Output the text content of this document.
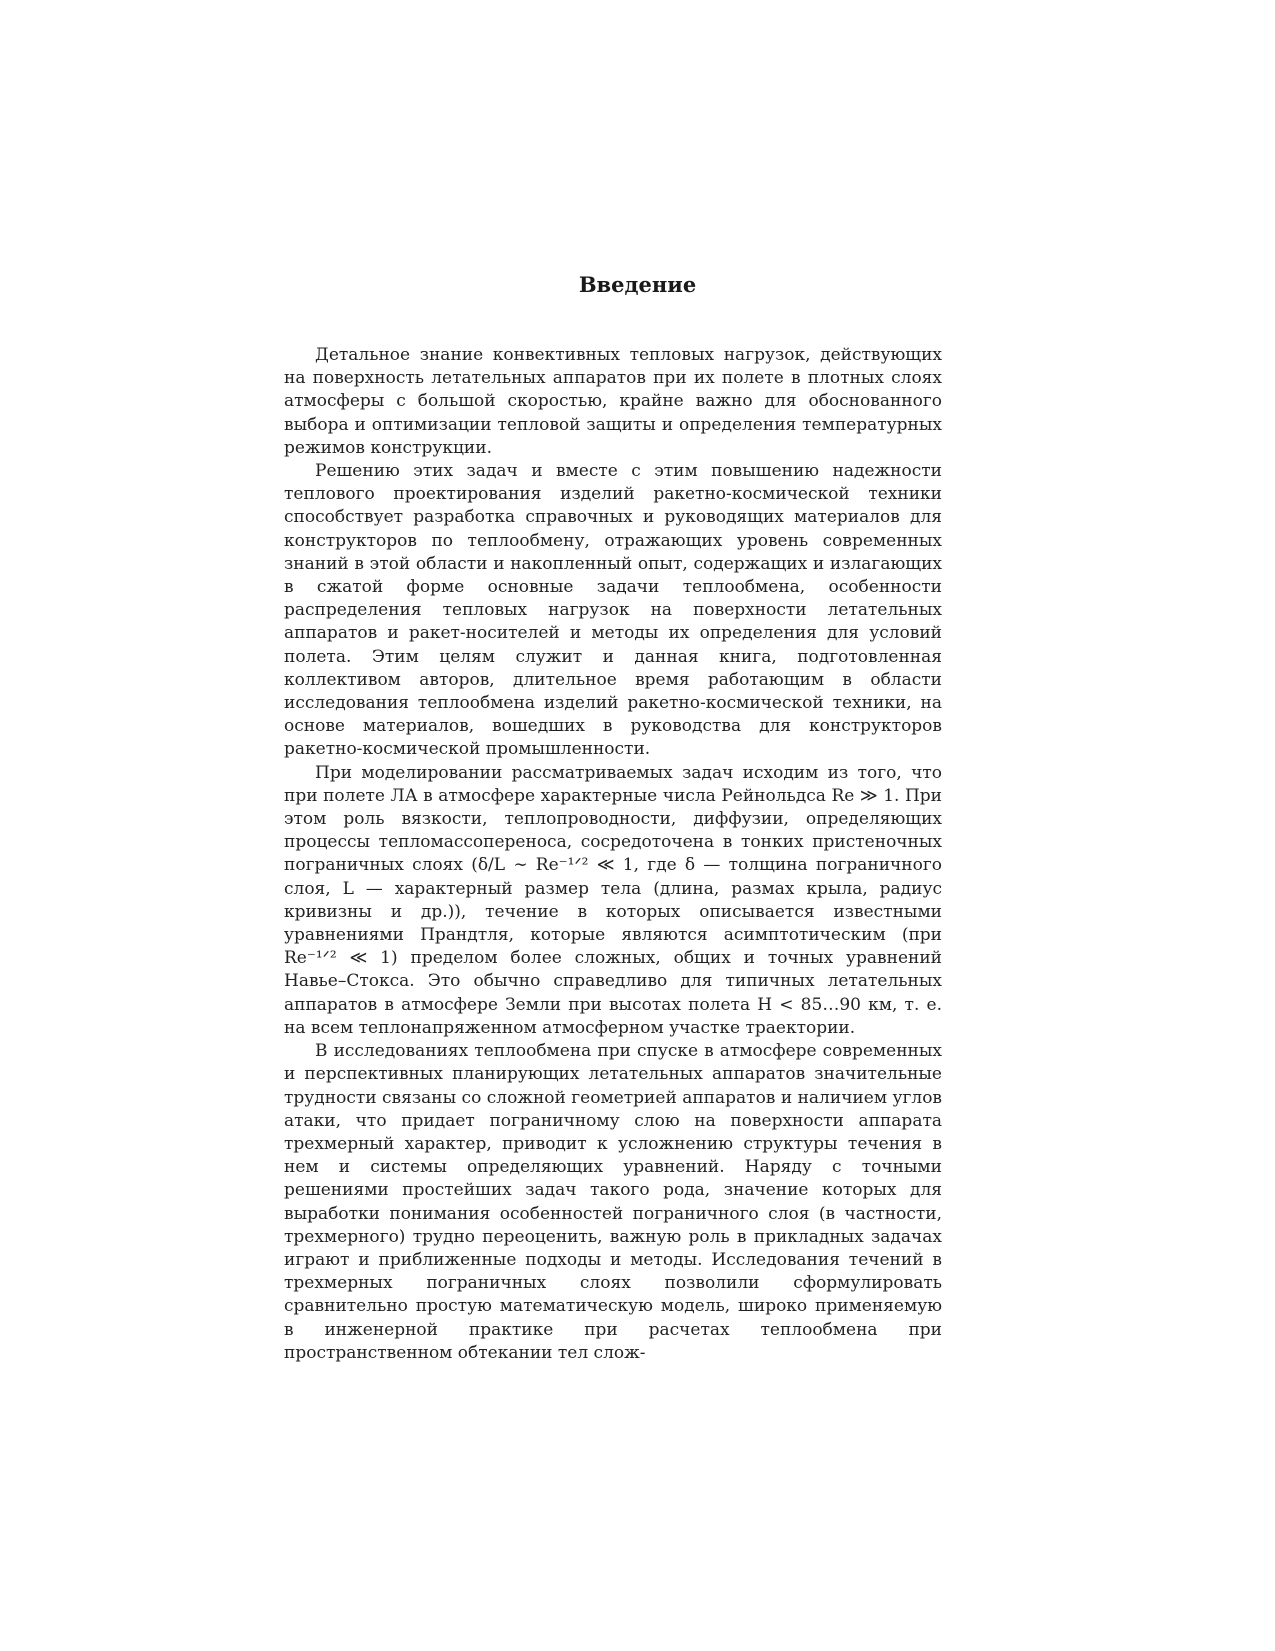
Введение

Детальное знание конвективных тепловых нагрузок, действующих на поверхность летательных аппаратов при их полете в плотных слоях атмосферы с большой скоростью, крайне важно для обоснованного выбора и оптимизации тепловой защиты и определения температурных режимов конструкции.

Решению этих задач и вместе с этим повышению надежности теплового проектирования изделий ракетно-космической техники способствует разработка справочных и руководящих материалов для конструкторов по теплообмену, отражающих уровень современных знаний в этой области и накопленный опыт, содержащих и излагающих в сжатой форме основные задачи теплообмена, особенности распределения тепловых нагрузок на поверхности летательных аппаратов и ракет-носителей и методы их определения для условий полета. Этим целям служит и данная книга, подготовленная коллективом авторов, длительное время работающим в области исследования теплообмена изделий ракетно-космической техники, на основе материалов, вошедших в руководства для конструкторов ракетно-космической промышленности.

При моделировании рассматриваемых задач исходим из того, что при полете ЛА в атмосфере характерные числа Рейнольдса Re ≫ 1. При этом роль вязкости, теплопроводности, диффузии, определяющих процессы тепломассопереноса, сосредоточена в тонких пристеночных пограничных слоях (δ/L ∼ Re⁻¹ᐟ² ≪ 1, где δ — толщина пограничного слоя, L — характерный размер тела (длина, размах крыла, радиус кривизны и др.)), течение в которых описывается известными уравнениями Прандтля, которые являются асимптотическим (при Re⁻¹ᐟ² ≪ 1) пределом более сложных, общих и точных уравнений Навье–Стокса. Это обычно справедливо для типичных летательных аппаратов в атмосфере Земли при высотах полета H < 85…90 км, т. е. на всем теплонапряженном атмосферном участке траектории.

В исследованиях теплообмена при спуске в атмосфере современных и перспективных планирующих летательных аппаратов значительные трудности связаны со сложной геометрией аппаратов и наличием углов атаки, что придает пограничному слою на поверхности аппарата трехмерный характер, приводит к усложнению структуры течения в нем и системы определяющих уравнений. Наряду с точными решениями простейших задач такого рода, значение которых для выработки понимания особенностей пограничного слоя (в частности, трехмерного) трудно переоценить, важную роль в прикладных задачах играют и приближенные подходы и методы. Исследования течений в трехмерных пограничных слоях позволили сформулировать сравнительно простую математическую модель, широко применяемую в инженерной практике при расчетах теплообмена при пространственном обтекании тел слож-
